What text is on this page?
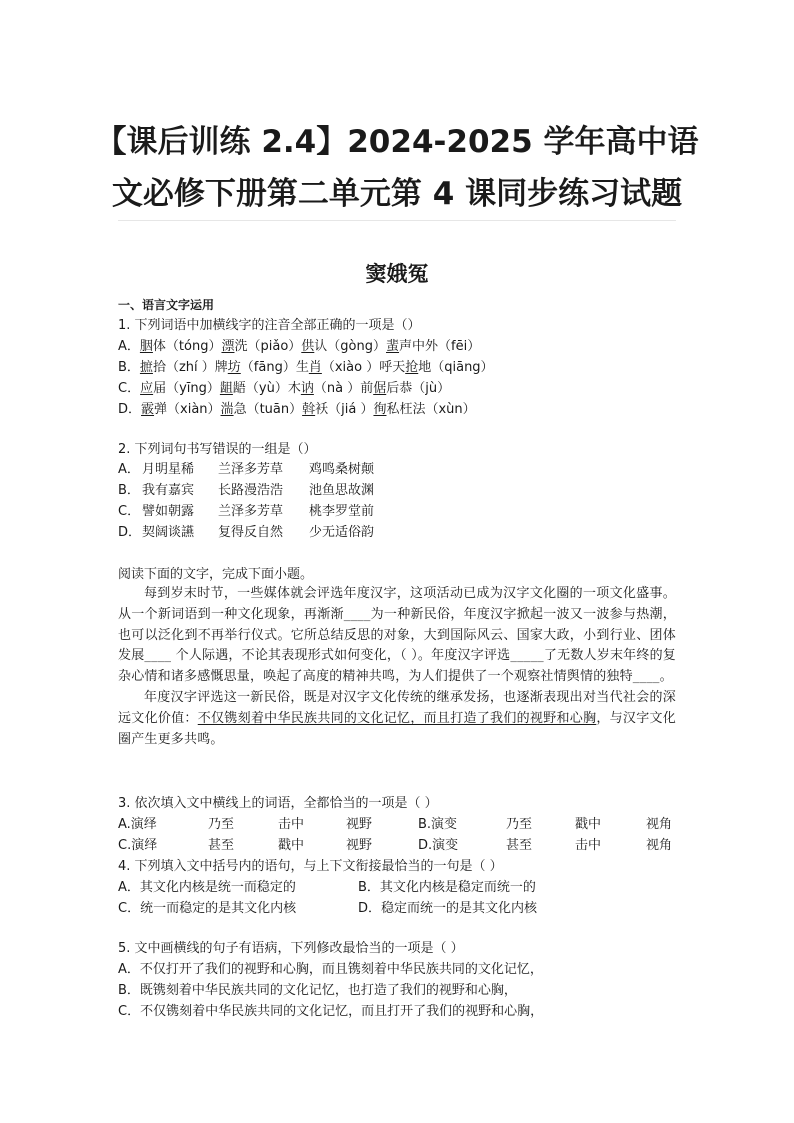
【课后训练 2.4】2024-2025 学年高中语
文必修下册第二单元第 4 课同步练习试题
窦娥冤
一、语言文字运用
1. 下列词语中加横线字的注音全部正确的一项是（）
A．胭体（tóng）漂洗（piǎo）供认（gòng）蜚声中外（fēi）
B．摭拾（zhí ）牌坊（fāng）生肖（xiào ）呼天抢地（qiāng）
C．应届（yīng）龃龉（yù）木讷（nà ）前倨后恭（jù）
D．霰弹（xiàn）湍急（tuān）斡袄（jiá ）徇私枉法（xùn）
2. 下列词句书写错误的一组是（）
A． 月明星稀 兰泽多芳草 鸡鸣桑树颠
B． 我有嘉宾 长路漫浩浩 池鱼思故渊
C． 譬如朝露 兰泽多芳草 桃李罗堂前
D． 契阔谈讌 复得反自然 少无适俗韵
阅读下面的文字，完成下面小题。

每到岁末时节，一些媒体就会评选年度汉字，这项活动已成为汉字文化圈的一项文化盛事。从一个新词语到一种文化现象，再渐渐____为一种新民俗，年度汉字掀起一波又一波参与热潮，也可以泛化到不再举行仪式。它所总结反思的对象，大到国际风云、国家大政，小到行业、团体发展____ 个人际遇，不论其表现形式如何变化，（ ）。年度汉字评选_____了无数人岁末年终的复杂心情和诸多感慨思量，唤起了高度的精神共鸣，为人们提供了一个观察社情舆情的独特____。

年度汉字评选这一新民俗，既是对汉字文化传统的继承发扬，也逐渐表现出对当代社会的深远文化价值：不仅镌刻着中华民族共同的文化记忆，而且打造了我们的视野和心胸，与汉字文化圈产生更多共鸣。

3. 依次填入文中横线上的词语，全都恰当的一项是（ ）
A.演绎	乃至	击中	视野	B.演变	乃至	戳中	视角
C.演绎	甚至	戳中	视野	D.演变	甚至	击中	视角
4. 下列填入文中括号内的语句，与上下文衔接最恰当的一句是（ ）
A．其文化内核是统一而稳定的	B．其文化内核是稳定而统一的
C．统一而稳定的是其文化内核	D．稳定而统一的是其文化内核
5. 文中画横线的句子有语病，下列修改最恰当的一项是（ ）
A．不仅打开了我们的视野和心胸，而且镌刻着中华民族共同的文化记忆，
B．既镌刻着中华民族共同的文化记忆，也打造了我们的视野和心胸，
C．不仅镌刻着中华民族共同的文化记忆，而且打开了我们的视野和心胸，
